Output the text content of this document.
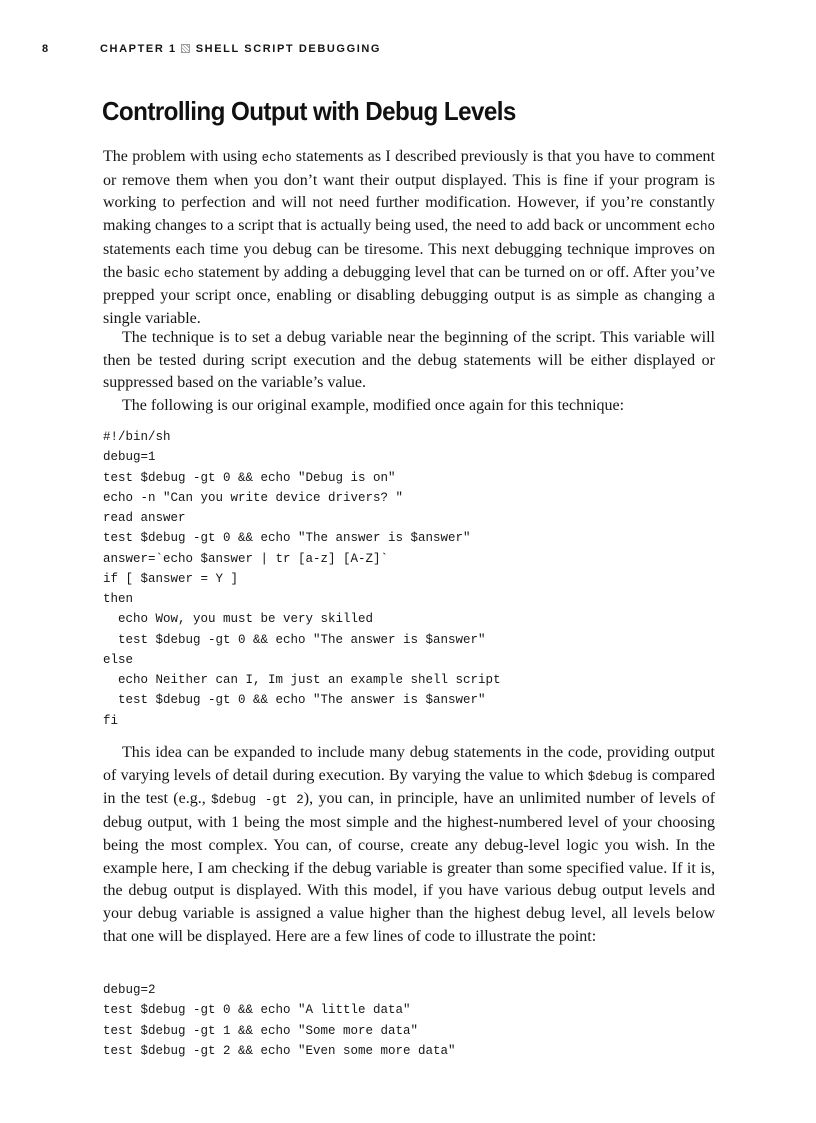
8	CHAPTER 1 SHELL SCRIPT DEBUGGING
Controlling Output with Debug Levels

The problem with using echo statements as I described previously is that you have to comment or remove them when you don’t want their output displayed. This is fine if your program is working to perfection and will not need further modification. However, if you’re constantly making changes to a script that is actually being used, the need to add back or uncomment echo statements each time you debug can be tiresome. This next debugging technique improves on the basic echo statement by adding a debugging level that can be turned on or off. After you’ve prepped your script once, enabling or disabling debugging output is as simple as changing a single variable.

The technique is to set a debug variable near the beginning of the script. This variable will then be tested during script execution and the debug statements will be either displayed or suppressed based on the variable’s value.

The following is our original example, modified once again for this technique:

#!/bin/sh
debug=1
test $debug -gt 0 && echo "Debug is on"
echo -n "Can you write device drivers? "
read answer
test $debug -gt 0 && echo "The answer is $answer"
answer=`echo $answer | tr [a-z] [A-Z]`
if [ $answer = Y ]
then
echo Wow, you must be very skilled
test $debug -gt 0 && echo "The answer is $answer"
else
echo Neither can I, Im just an example shell script
test $debug -gt 0 && echo "The answer is $answer"
fi

This idea can be expanded to include many debug statements in the code, providing output of varying levels of detail during execution. By varying the value to which $debug is compared in the test (e.g., $debug -gt 2), you can, in principle, have an unlimited number of levels of debug output, with 1 being the most simple and the highest-numbered level of your choosing being the most complex. You can, of course, create any debug-level logic you wish. In the example here, I am checking if the debug variable is greater than some specified value. If it is, the debug output is displayed. With this model, if you have various debug output levels and your debug variable is assigned a value higher than the highest debug level, all levels below that one will be displayed. Here are a few lines of code to illustrate the point:

debug=2
test $debug -gt 0 && echo "A little data"
test $debug -gt 1 && echo "Some more data"
test $debug -gt 2 && echo "Even some more data"
